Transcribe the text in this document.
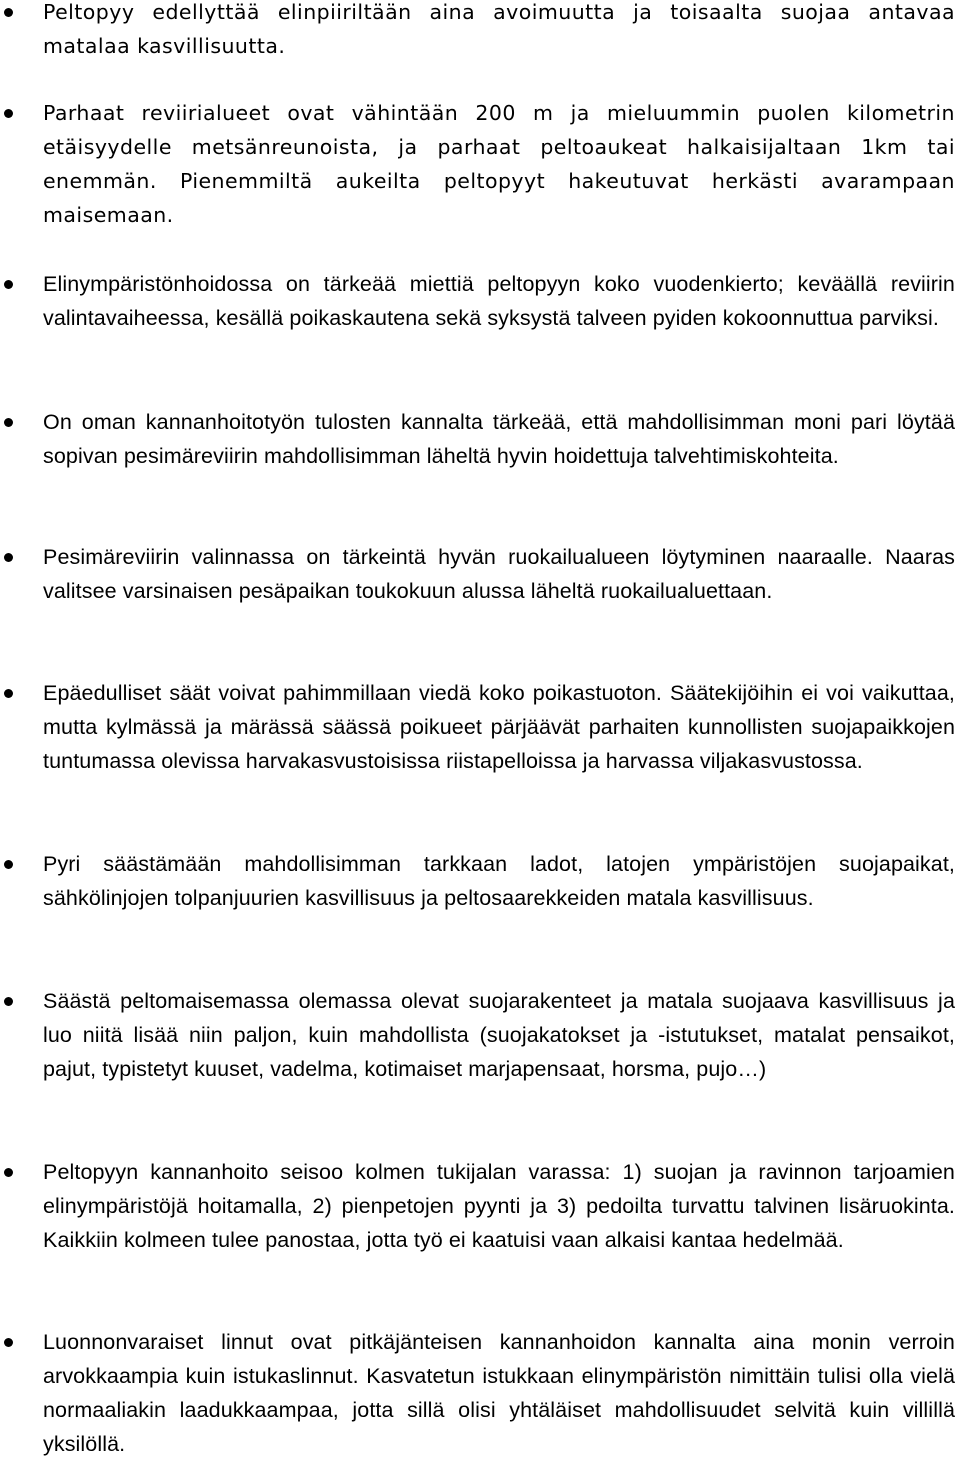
Peltopyy edellyttää elinpiiriltään aina avoimuutta ja toisaalta suojaa antavaa matalaa kasvillisuutta.
Parhaat reviirialueet ovat vähintään 200 m ja mieluummin puolen kilometrin etäisyydelle metsänreunoista, ja parhaat peltoaukeat halkaisijaltaan 1km tai enemmän. Pienemmiltä aukeilta peltopyyt hakeutuvat herkästi avarampaan maisemaan.
Elinympäristönhoidossa on tärkeää miettiä peltopyyn koko vuodenkierto; keväällä reviirin valintavaiheessa, kesällä poikaskautena sekä syksystä talveen pyiden kokoonnuttua parviksi.
On oman kannanhoitotyön tulosten kannalta tärkeää, että mahdollisimman moni pari löytää sopivan pesimäreviirin mahdollisimman läheltä hyvin hoidettuja talvehtimiskohteita.
Pesimäreviirin valinnassa on tärkeintä hyvän ruokailualueen löytyminen naaraalle. Naaras valitsee varsinaisen pesäpaikan toukokuun alussa läheltä ruokailualuettaan.
Epäedulliset säät voivat pahimmillaan viedä koko poikastuoton. Säätekijöihin ei voi vaikuttaa, mutta kylmässä ja märässä säässä poikueet pärjäävät parhaiten kunnollisten suojapaikkojen tuntumassa olevissa harvakasvustoisissa riistapelloissa ja harvassa viljakasvustossa.
Pyri säästämään mahdollisimman tarkkaan ladot, latojen ympäristöjen suojapaikat, sähkölinjojen tolpanjuurien kasvillisuus ja peltosaarekkeiden matala kasvillisuus.
Säästä peltomaisemassa olemassa olevat suojarakenteet ja matala suojaava kasvillisuus ja luo niitä lisää niin paljon, kuin mahdollista (suojakatokset ja -istutukset, matalat pensaikot, pajut, typistetyt kuuset, vadelma, kotimaiset marjapensaat, horsma, pujo…)
Peltopyyn kannanhoito seisoo kolmen tukijalan varassa: 1) suojan ja ravinnon tarjoamien elinympäristöjä hoitamalla, 2) pienpetojen pyynti ja 3) pedoilta turvattu talvinen lisäruokinta. Kaikkiin kolmeen tulee panostaa, jotta työ ei kaatuisi vaan alkaisi kantaa hedelmää.
Luonnonvaraiset linnut ovat pitkäjänteisen kannanhoidon kannalta aina monin verroin arvokkaampia kuin istukaslinnut. Kasvatetun istukkaan elinympäristön nimittäin tulisi olla vielä normaaliakin laadukkaampaa, jotta sillä olisi yhtäläiset mahdollisuudet selvitä kuin villillä yksilöllä.
